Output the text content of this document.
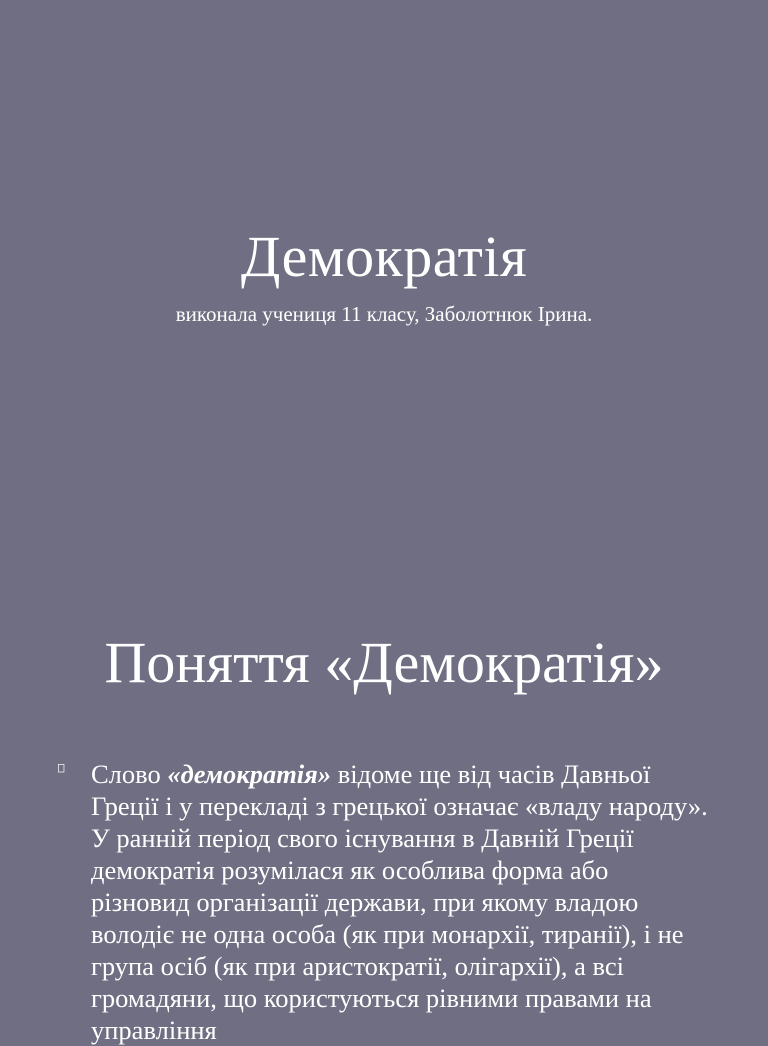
Демократія

виконала учениця 11 класу, Заболотнюк Ірина.

Поняття «Демократія»
Слово «демократія» відоме ще від часів Давньої Греції і у перекладі з грецької означає «владу народу». У ранній період свого існування в Давній Греції демократія розумілася як особлива форма або різновид організації держави, при якому владою володіє не одна особа (як при монархії, тиранії), і не група осіб (як при аристократії, олігархії), а всі громадяни, що користуються рівними правами на управління
